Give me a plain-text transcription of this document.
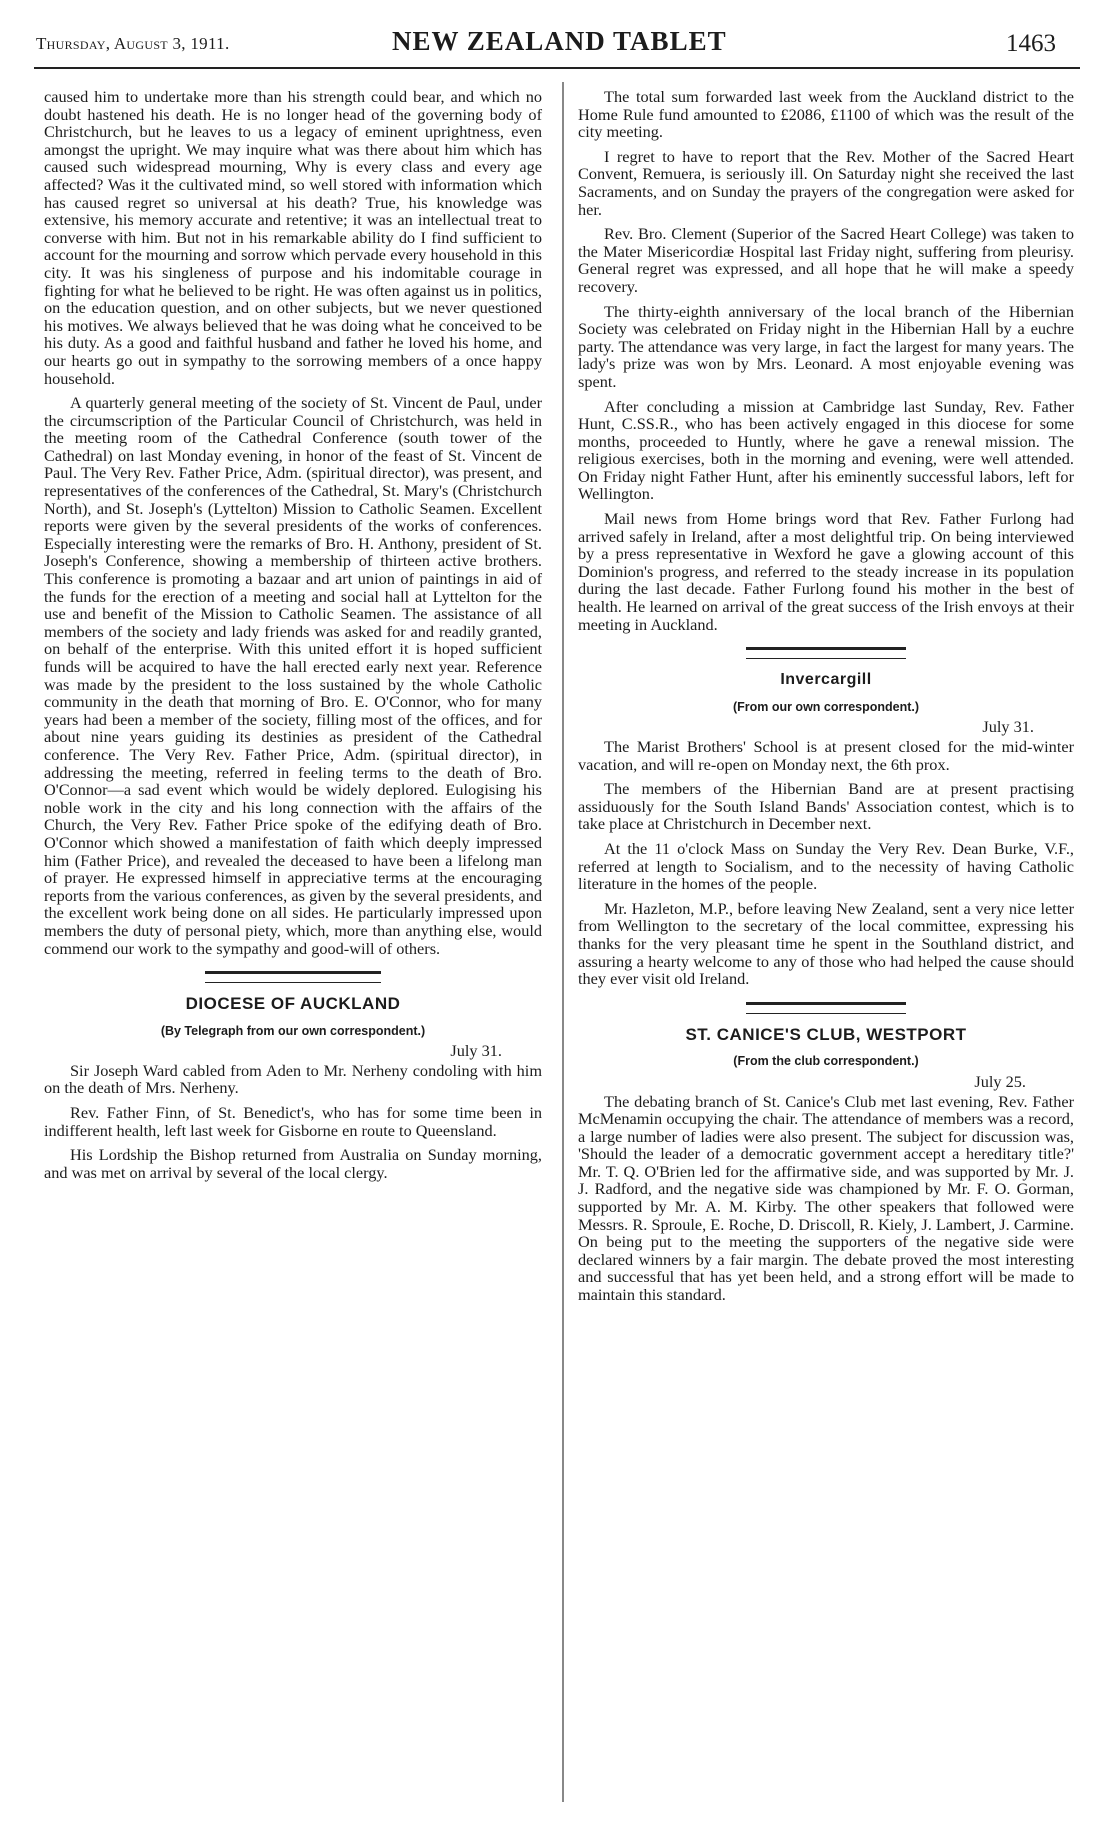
Thursday, August 3, 1911.	NEW ZEALAND TABLET	1463

caused him to undertake more than his strength could bear, and which no doubt hastened his death. He is no longer head of the governing body of Christchurch, but he leaves to us a legacy of eminent uprightness, even amongst the upright. We may inquire what was there about him which has caused such widespread mourning, Why is every class and every age affected? Was it the cultivated mind, so well stored with information which has caused regret so universal at his death? True, his knowledge was extensive, his memory accurate and retentive; it was an intellectual treat to converse with him. But not in his remarkable ability do I find sufficient to account for the mourning and sorrow which pervade every household in this city. It was his singleness of purpose and his indomitable courage in fighting for what he believed to be right. He was often against us in politics, on the education question, and on other subjects, but we never questioned his motives. We always believed that he was doing what he conceived to be his duty. As a good and faithful husband and father he loved his home, and our hearts go out in sympathy to the sorrowing members of a once happy household.

A quarterly general meeting of the society of St. Vincent de Paul, under the circumscription of the Particular Council of Christchurch, was held in the meeting room of the Cathedral Conference (south tower of the Cathedral) on last Monday evening, in honor of the feast of St. Vincent de Paul. The Very Rev. Father Price, Adm. (spiritual director), was present, and representatives of the conferences of the Cathedral, St. Mary's (Christchurch North), and St. Joseph's (Lyttelton) Mission to Catholic Seamen. Excellent reports were given by the several presidents of the works of conferences. Especially interesting were the remarks of Bro. H. Anthony, president of St. Joseph's Conference, showing a membership of thirteen active brothers. This conference is promoting a bazaar and art union of paintings in aid of the funds for the erection of a meeting and social hall at Lyttelton for the use and benefit of the Mission to Catholic Seamen. The assistance of all members of the society and lady friends was asked for and readily granted, on behalf of the enterprise. With this united effort it is hoped sufficient funds will be acquired to have the hall erected early next year. Reference was made by the president to the loss sustained by the whole Catholic community in the death that morning of Bro. E. O'Connor, who for many years had been a member of the society, filling most of the offices, and for about nine years guiding its destinies as president of the Cathedral conference. The Very Rev. Father Price, Adm. (spiritual director), in addressing the meeting, referred in feeling terms to the death of Bro. O'Connor—a sad event which would be widely deplored. Eulogising his noble work in the city and his long connection with the affairs of the Church, the Very Rev. Father Price spoke of the edifying death of Bro. O'Connor which showed a manifestation of faith which deeply impressed him (Father Price), and revealed the deceased to have been a lifelong man of prayer. He expressed himself in appreciative terms at the encouraging reports from the various conferences, as given by the several presidents, and the excellent work being done on all sides. He particularly impressed upon members the duty of personal piety, which, more than anything else, would commend our work to the sympathy and good-will of others.

DIOCESE OF AUCKLAND
(By Telegraph from our own correspondent.)
July 31.

Sir Joseph Ward cabled from Aden to Mr. Nerheny condoling with him on the death of Mrs. Nerheny.

Rev. Father Finn, of St. Benedict's, who has for some time been in indifferent health, left last week for Gisborne en route to Queensland.

His Lordship the Bishop returned from Australia on Sunday morning, and was met on arrival by several of the local clergy.

The total sum forwarded last week from the Auckland district to the Home Rule fund amounted to £2086, £1100 of which was the result of the city meeting.

I regret to have to report that the Rev. Mother of the Sacred Heart Convent, Remuera, is seriously ill. On Saturday night she received the last Sacraments, and on Sunday the prayers of the congregation were asked for her.

Rev. Bro. Clement (Superior of the Sacred Heart College) was taken to the Mater Misericordiæ Hospital last Friday night, suffering from pleurisy. General regret was expressed, and all hope that he will make a speedy recovery.

The thirty-eighth anniversary of the local branch of the Hibernian Society was celebrated on Friday night in the Hibernian Hall by a euchre party. The attendance was very large, in fact the largest for many years. The lady's prize was won by Mrs. Leonard. A most enjoyable evening was spent.

After concluding a mission at Cambridge last Sunday, Rev. Father Hunt, C.SS.R., who has been actively engaged in this diocese for some months, proceeded to Huntly, where he gave a renewal mission. The religious exercises, both in the morning and evening, were well attended. On Friday night Father Hunt, after his eminently successful labors, left for Wellington.

Mail news from Home brings word that Rev. Father Furlong had arrived safely in Ireland, after a most delightful trip. On being interviewed by a press representative in Wexford he gave a glowing account of this Dominion's progress, and referred to the steady increase in its population during the last decade. Father Furlong found his mother in the best of health. He learned on arrival of the great success of the Irish envoys at their meeting in Auckland.

Invercargill
(From our own correspondent.)
July 31.

The Marist Brothers' School is at present closed for the mid-winter vacation, and will re-open on Monday next, the 6th prox.

The members of the Hibernian Band are at present practising assiduously for the South Island Bands' Association contest, which is to take place at Christchurch in December next.

At the 11 o'clock Mass on Sunday the Very Rev. Dean Burke, V.F., referred at length to Socialism, and to the necessity of having Catholic literature in the homes of the people.

Mr. Hazleton, M.P., before leaving New Zealand, sent a very nice letter from Wellington to the secretary of the local committee, expressing his thanks for the very pleasant time he spent in the Southland district, and assuring a hearty welcome to any of those who had helped the cause should they ever visit old Ireland.

ST. CANICE'S CLUB, WESTPORT
(From the club correspondent.)
July 25.

The debating branch of St. Canice's Club met last evening, Rev. Father McMenamin occupying the chair. The attendance of members was a record, a large number of ladies were also present. The subject for discussion was, 'Should the leader of a democratic government accept a hereditary title?' Mr. T. Q. O'Brien led for the affirmative side, and was supported by Mr. J. J. Radford, and the negative side was championed by Mr. F. O. Gorman, supported by Mr. A. M. Kirby. The other speakers that followed were Messrs. R. Sproule, E. Roche, D. Driscoll, R. Kiely, J. Lambert, J. Carmine. On being put to the meeting the supporters of the negative side were declared winners by a fair margin. The debate proved the most interesting and successful that has yet been held, and a strong effort will be made to maintain this standard.
